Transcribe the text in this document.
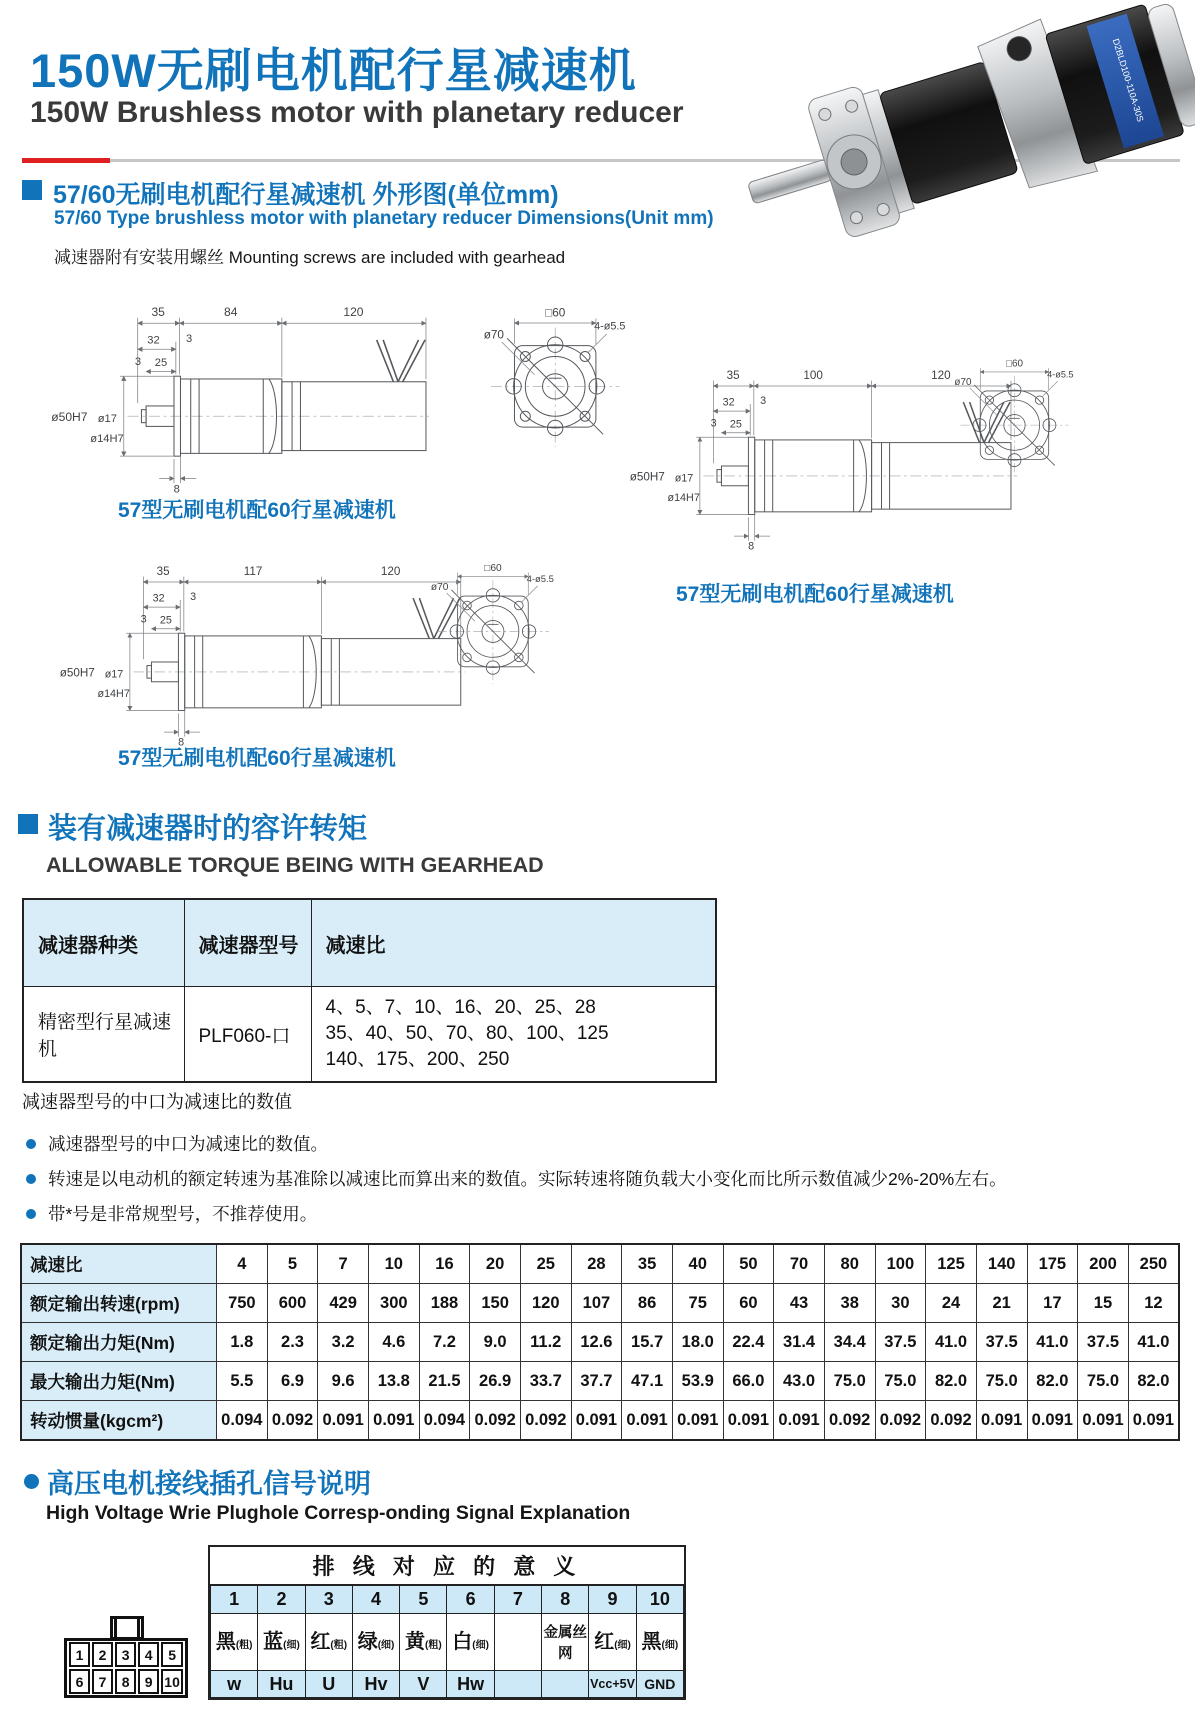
150W无刷电机配行星减速机
150W Brushless motor with planetary reducer	D2BLD100-110A-30S
57/60无刷电机配行星减速机 外形图(单位mm)
57/60 Type brushless motor with planetary reducer Dimensions(Unit mm)
减速器附有安装用螺丝 Mounting screws are included with gearhead
35	84	120
32 3
25
3
ø50H7 ø17
ø14H7
8
□60
ø70
4-ø5.5
57型无刷电机配60行星减速机
35	100	120
32 3
25
3
ø50H7 ø17
ø14H7
8
□60
ø70
4-ø5.5
57型无刷电机配60行星减速机
35	117	120
32 3
25
3
ø50H7 ø17
ø14H7
8
□60
ø70
4-ø5.5
57型无刷电机配60行星减速机
装有减速器时的容许转矩
ALLOWABLE TORQUE BEING WITH GEARHEAD
减速器种类	减速器型号	减速比
精密型行星减速机	PLF060-口	4、5、7、10、16、20、25、28
35、40、50、70、80、100、125
140、175、200、250
减速器型号的中口为减速比的数值
减速器型号的中口为减速比的数值。
转速是以电动机的额定转速为基准除以减速比而算出来的数值。实际转速将随负载大小变化而比所示数值减少2%-20%左右。
带*号是非常规型号，不推荐使用。
减速比	4	5	7	10	16	20	25	28	35	40	50	70	80	100	125	140	175	200	250
额定输出转速(rpm)	750	600	429	300	188	150	120	107	86	75	60	43	38	30	24	21	17	15	12
额定输出力矩(Nm)	1.8	2.3	3.2	4.6	7.2	9.0	11.2	12.6	15.7	18.0	22.4	31.4	34.4	37.5	41.0	37.5	41.0	37.5	41.0
最大输出力矩(Nm)	5.5	6.9	9.6	13.8	21.5	26.9	33.7	37.7	47.1	53.9	66.0	43.0	75.0	75.0	82.0	75.0	82.0	75.0	82.0
转动惯量(kgcm²)	0.094	0.092	0.091	0.091	0.094	0.092	0.092	0.091	0.091	0.091	0.091	0.091	0.092	0.092	0.092	0.091	0.091	0.091	0.091
高压电机接线插孔信号说明
High Voltage Wrie Plughole Corresp-onding Signal Explanation
排 线 对 应 的 意 义
1	2	3	4	5	6	7	8	9	10
黑(粗)	蓝(细)	红(粗)	绿(细)	黄(粗)	白(细)		金属丝网	红(细)	黑(细)
w	Hu	U	Hv	V	Hw			Vcc+5V	GND
1	2	3	4	5
6	7	8	9	10
